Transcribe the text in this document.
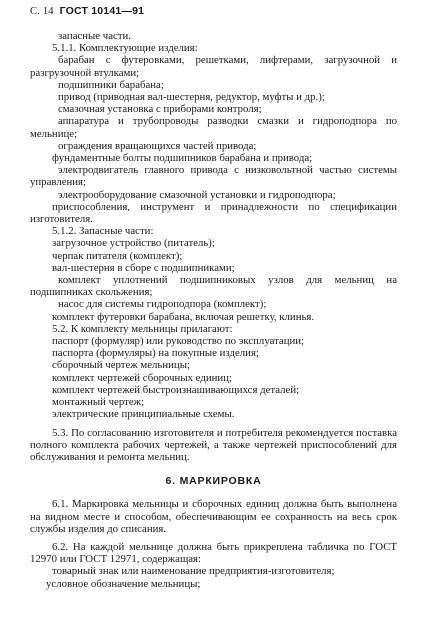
С. 14 ГОСТ 10141—91

запасные части.

5.1.1. Комплектующие изделия:

барабан с футеровками, решетками, лифтерами, загрузочной и разгрузочной втулками;

подшипники барабана;

привод (приводная вал-шестерня, редуктор, муфты и др.);

смазочная установка с приборами контроля;

аппаратура и трубопроводы разводки смазки и гидроподпора по мельнице;

ограждения вращающихся частей привода;

фундаментные болты подшипников барабана и привода;

электродвигатель главного привода с низковольтной частью системы управления;

электрооборудование смазочной установки и гидроподпора;

приспособления, инструмент и принадлежности по спецификации изготовителя.

5.1.2. Запасные части:

загрузочное устройство (питатель);

черпак питателя (комплект);

вал-шестерня в сборе с подшипниками;

комплект уплотнений подшипниковых узлов для мельниц на подшипниках скольжения;

насос для системы гидроподпора (комплект);

комплект футеровки барабана, включая решетку, клинья.

5.2. К комплекту мельницы прилагают:

паспорт (формуляр) или руководство по эксплуатации;

паспорта (формуляры) на покупные изделия;

сборочный чертеж мельницы;

комплект чертежей сборочных единиц;

комплект чертежей быстроизнашивающихся деталей;

монтажный чертеж;

электрические принципиальные схемы.

5.3. По согласованию изготовителя и потребителя рекомендуется поставка полного комплекта рабочих чертежей, а также чертежей приспособлений для обслуживания и ремонта мельниц.

6. МАРКИРОВКА

6.1. Маркировка мельницы и сборочных единиц должна быть выполнена на видном месте и способом, обеспечивающим ее сохранность на весь срок службы изделия до списания.

6.2. На каждой мельнице должна быть прикреплена табличка по ГОСТ 12970 или ГОСТ 12971, содержащая:

товарный знак или наименование предприятия-изготовителя;

условное обозначение мельницы;
